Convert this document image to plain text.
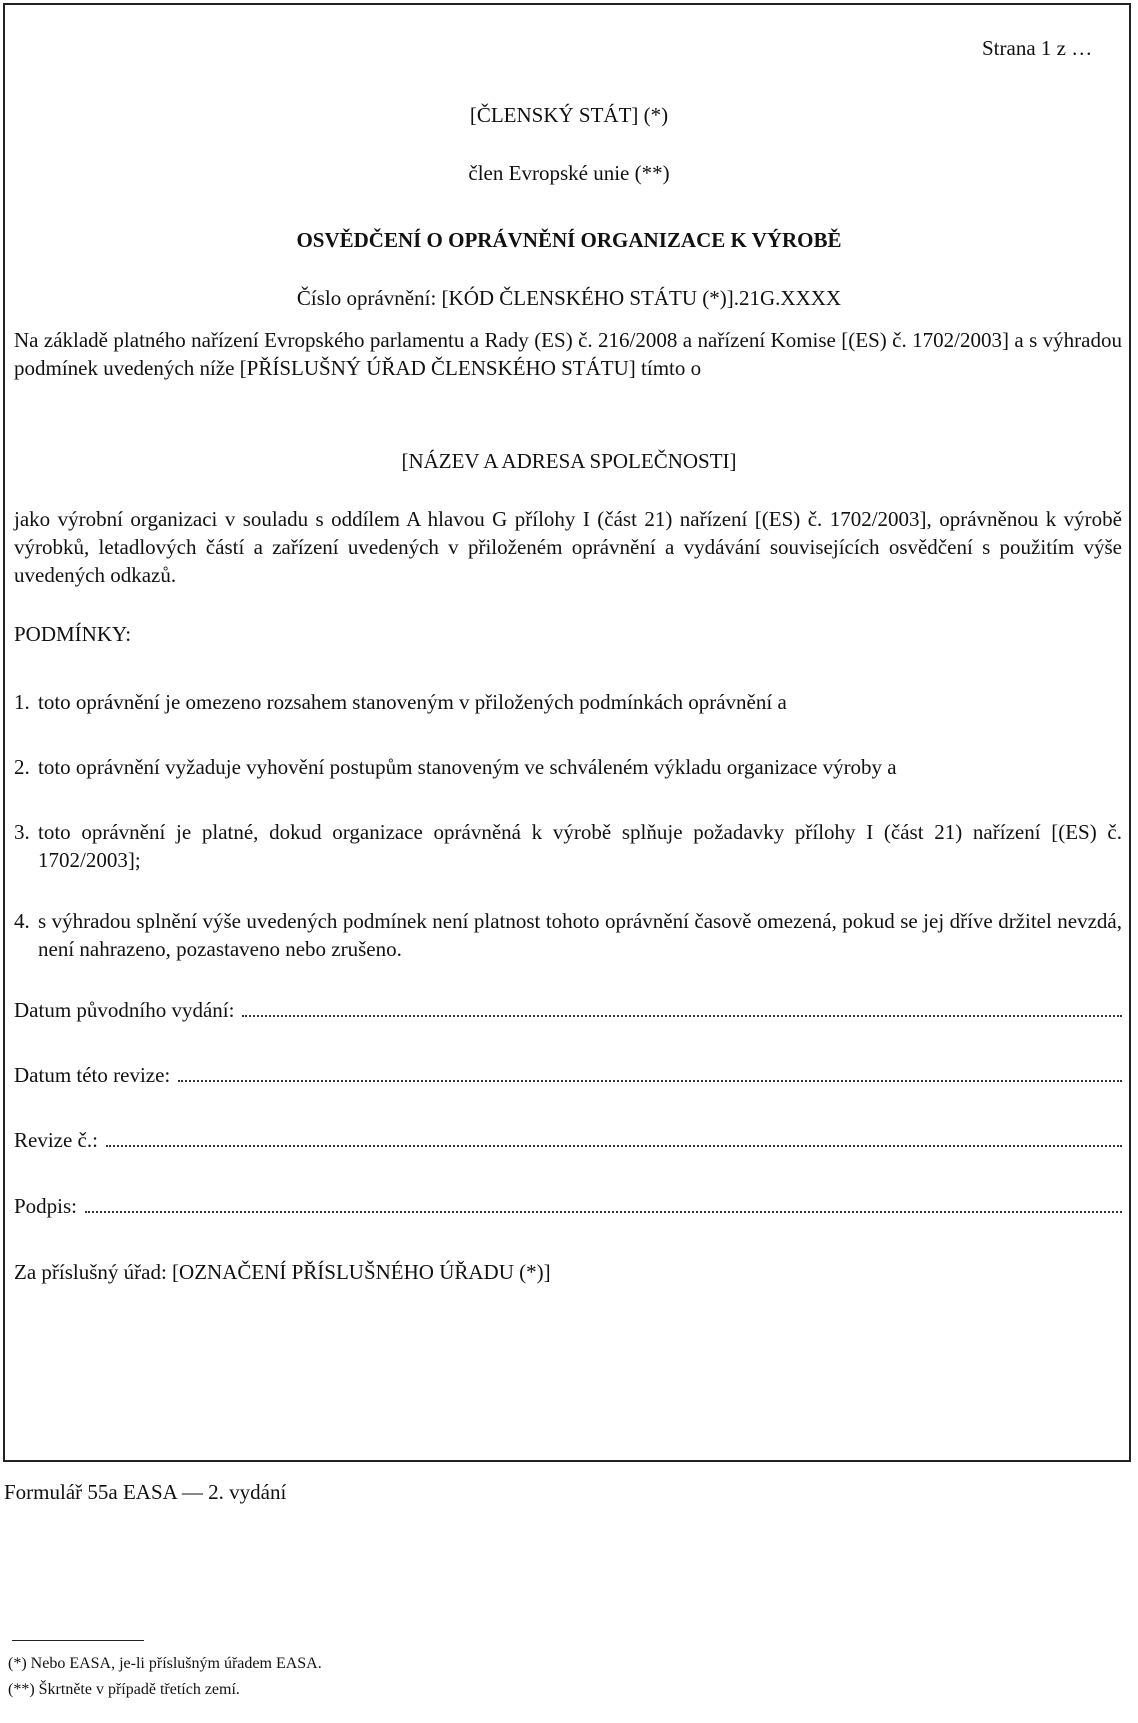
Strana 1 z …
[ČLENSKÝ STÁT] (*)
člen Evropské unie (**)
OSVĚDČENÍ O OPRÁVNĚNÍ ORGANIZACE K VÝROBĚ
Číslo oprávnění: [KÓD ČLENSKÉHO STÁTU (*)].21G.XXXX
Na základě platného nařízení Evropského parlamentu a Rady (ES) č. 216/2008 a nařízení Komise [(ES) č. 1702/2003] a s výhradou podmínek uvedených níže [PŘÍSLUŠNÝ ÚŘAD ČLENSKÉHO STÁTU] tímto o
[NÁZEV A ADRESA SPOLEČNOSTI]
jako výrobní organizaci v souladu s oddílem A hlavou G přílohy I (část 21) nařízení [(ES) č. 1702/2003], oprávněnou k výrobě výrobků, letadlových částí a zařízení uvedených v přiloženém oprávnění a vydávání souvisejících osvědčení s použitím výše uvedených odkazů.
PODMÍNKY:
1. toto oprávnění je omezeno rozsahem stanoveným v přiložených podmínkách oprávnění a
2. toto oprávnění vyžaduje vyhovění postupům stanoveným ve schváleném výkladu organizace výroby a
3. toto oprávnění je platné, dokud organizace oprávněná k výrobě splňuje požadavky přílohy I (část 21) nařízení [(ES) č. 1702/2003];
4. s výhradou splnění výše uvedených podmínek není platnost tohoto oprávnění časově omezená, pokud se jej dříve držitel nevzdá, není nahrazeno, pozastaveno nebo zrušeno.
Datum původního vydání:
Datum této revize:
Revize č.:
Podpis:
Za příslušný úřad: [OZNAČENÍ PŘÍSLUŠNÉHO ÚŘADU (*)]
Formulář 55a EASA — 2. vydání
(*) Nebo EASA, je-li příslušným úřadem EASA.
(**) Škrtněte v případě třetích zemí.
